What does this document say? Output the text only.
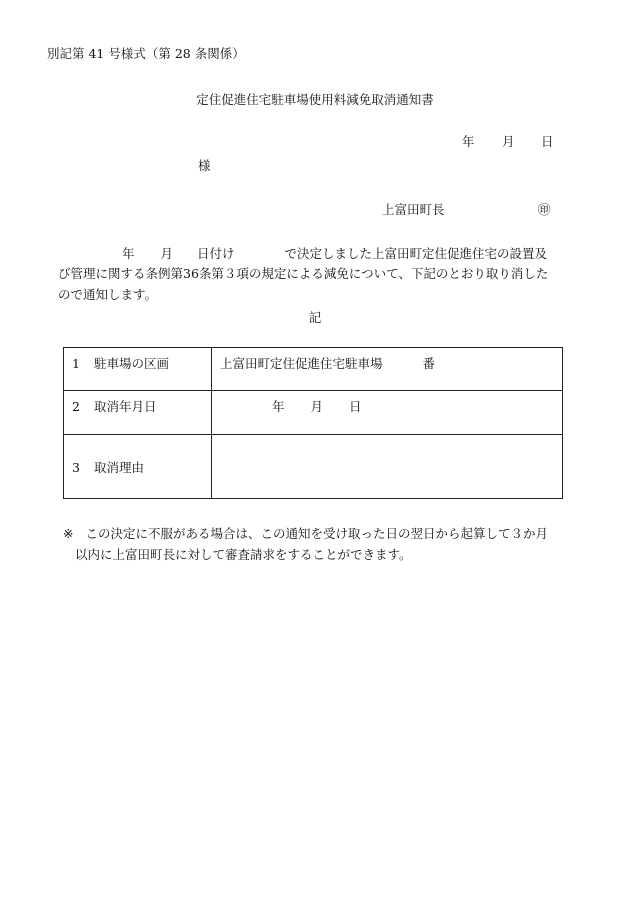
別記第 41 号様式（第 28 条関係）
定住促進住宅駐車場使用料減免取消通知書
年 月 日
様
上富田町長	㊞
年 月 日付け	で決定しました上富田町定住促進住宅の設置及
び管理に関する条例第36条第３項の規定による減免について、下記のとおり取り消した
ので通知します。
記
1 駐車場の区画	上富田町定住促進住宅駐車場 番
2 取消年月日	年 月 日
3 取消理由	
※ この決定に不服がある場合は、この通知を受け取った日の翌日から起算して３か月
以内に上富田町長に対して審査請求をすることができます。
